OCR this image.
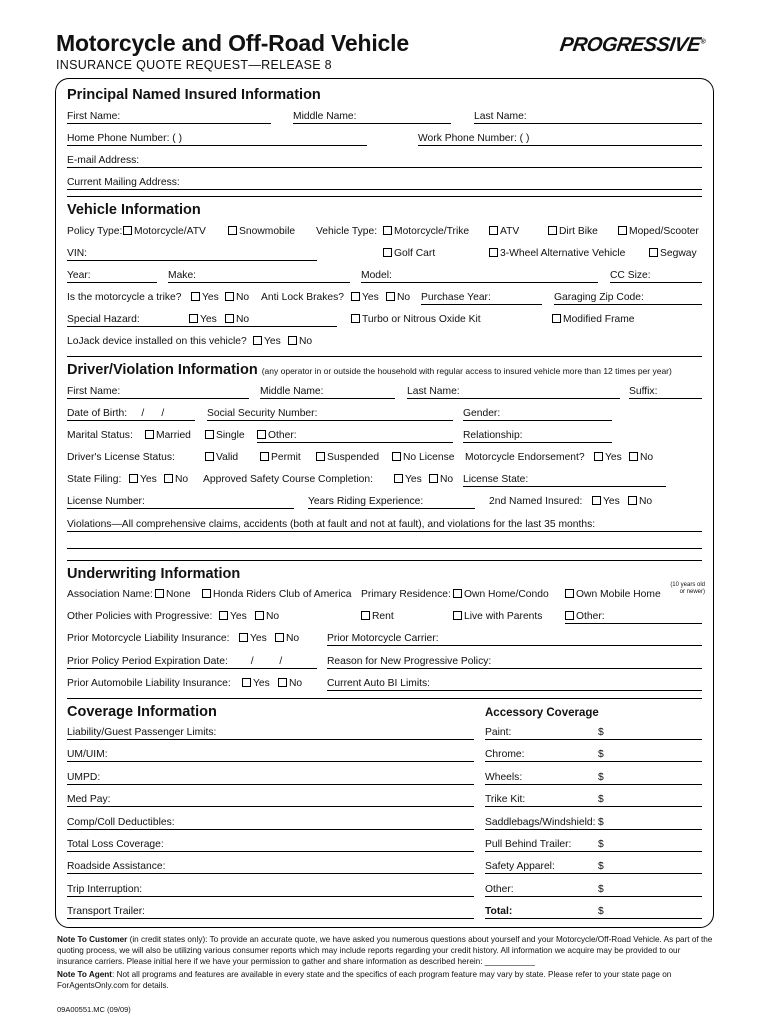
Motorcycle and Off-Road Vehicle
INSURANCE QUOTE REQUEST—RELEASE 8
PROGRESSIVE®
Principal Named Insured Information
First Name:	Middle Name:	Last Name:
Home Phone Number: ( )	Work Phone Number: ( )
E-mail Address:
Current Mailing Address:
Vehicle Information
Policy Type:	Motorcycle/ATV	Snowmobile Vehicle Type:	Motorcycle/Trike	ATV	Dirt Bike	Moped/Scooter
VIN:	Golf Cart	3-Wheel Alternative Vehicle	Segway
Year:	Make:	Model:	CC Size:
Is the motorcycle a trike?	Yes	No Anti Lock Brakes?	Yes	No Purchase Year:	Garaging Zip Code:
Special Hazard:	Yes	No	Turbo or Nitrous Oxide Kit	Modified Frame
LoJack device installed on this vehicle?	Yes	No
Driver/Violation Information (any operator in or outside the household with regular access to insured vehicle more than 12 times per year)
First Name:	Middle Name:	Last Name:	Suffix:
Date of Birth:     /      /	Social Security Number:	Gender:
Marital Status:	Married	Single	Other:	Relationship:
Driver's License Status:	Valid	Permit	Suspended	No License Motorcycle Endorsement?	Yes	No
State Filing:	Yes	No Approved Safety Course Completion:	Yes	No License State:
License Number:	Years Riding Experience:	2nd Named Insured:	Yes	No
Violations—All comprehensive claims, accidents (both at fault and not at fault), and violations for the last 35 months:
Underwriting Information
Association Name:	None	Honda Riders Club of America Primary Residence:	Own Home/Condo	Own Mobile Home
(10 years old or newer)
Other Policies with Progressive:	Yes	No	Rent	Live with Parents	Other:
Prior Motorcycle Liability Insurance:	Yes	No	Prior Motorcycle Carrier:
Prior Policy Period Expiration Date:        /         /	Reason for New Progressive Policy:
Prior Automobile Liability Insurance:	Yes	No Current Auto BI Limits:
Coverage Information	Accessory Coverage
Liability/Guest Passenger Limits:	Paint:	$
UM/UIM:	Chrome:	$
UMPD:	Wheels:	$
Med Pay:	Trike Kit:	$
Comp/Coll Deductibles:	Saddlebags/Windshield: $
Total Loss Coverage:	Pull Behind Trailer:	$
Roadside Assistance:	Safety Apparel:	$
Trip Interruption:	Other:	$
Transport Trailer:	Total:	$
Note To Customer (in credit states only): To provide an accurate quote, we have asked you numerous questions about yourself and your Motorcycle/Off-Road Vehicle. As part of the quoting process, we will also be utilizing various consumer reports which may include reports regarding your credit history. All information we acquire may be provided to our insurance carriers. Please initial here if we have your permission to gather and share information as described herein: ___________
Note To Agent: Not all programs and features are available in every state and the specifics of each program feature may vary by state. Please refer to your state page on ForAgentsOnly.com for details.
09A00551.MC (09/09)
